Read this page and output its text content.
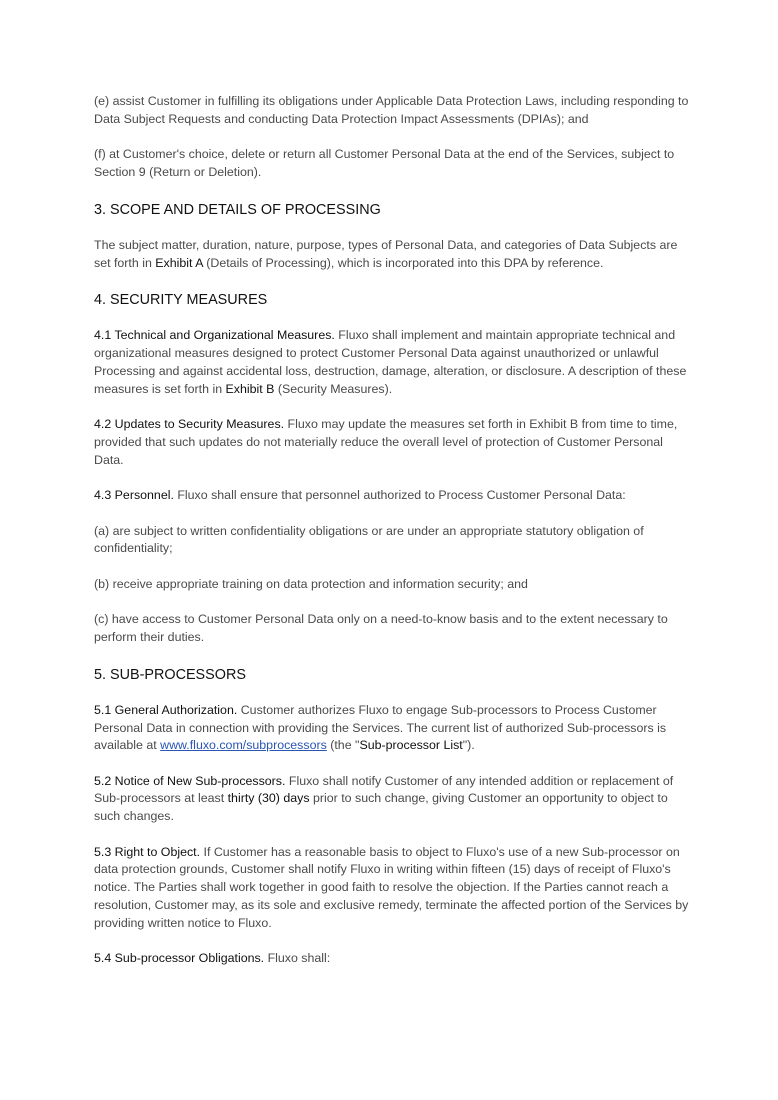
(e) assist Customer in fulfilling its obligations under Applicable Data Protection Laws, including responding to Data Subject Requests and conducting Data Protection Impact Assessments (DPIAs); and

(f) at Customer's choice, delete or return all Customer Personal Data at the end of the Services, subject to Section 9 (Return or Deletion).

3. SCOPE AND DETAILS OF PROCESSING

The subject matter, duration, nature, purpose, types of Personal Data, and categories of Data Subjects are set forth in Exhibit A (Details of Processing), which is incorporated into this DPA by reference.

4. SECURITY MEASURES

4.1 Technical and Organizational Measures. Fluxo shall implement and maintain appropriate technical and organizational measures designed to protect Customer Personal Data against unauthorized or unlawful Processing and against accidental loss, destruction, damage, alteration, or disclosure. A description of these measures is set forth in Exhibit B (Security Measures).

4.2 Updates to Security Measures. Fluxo may update the measures set forth in Exhibit B from time to time, provided that such updates do not materially reduce the overall level of protection of Customer Personal Data.

4.3 Personnel. Fluxo shall ensure that personnel authorized to Process Customer Personal Data:

(a) are subject to written confidentiality obligations or are under an appropriate statutory obligation of confidentiality;

(b) receive appropriate training on data protection and information security; and

(c) have access to Customer Personal Data only on a need-to-know basis and to the extent necessary to perform their duties.

5. SUB-PROCESSORS

5.1 General Authorization. Customer authorizes Fluxo to engage Sub-processors to Process Customer Personal Data in connection with providing the Services. The current list of authorized Sub-processors is available at www.fluxo.com/subprocessors (the "Sub-processor List").

5.2 Notice of New Sub-processors. Fluxo shall notify Customer of any intended addition or replacement of Sub-processors at least thirty (30) days prior to such change, giving Customer an opportunity to object to such changes.

5.3 Right to Object. If Customer has a reasonable basis to object to Fluxo's use of a new Sub-processor on data protection grounds, Customer shall notify Fluxo in writing within fifteen (15) days of receipt of Fluxo's notice. The Parties shall work together in good faith to resolve the objection. If the Parties cannot reach a resolution, Customer may, as its sole and exclusive remedy, terminate the affected portion of the Services by providing written notice to Fluxo.

5.4 Sub-processor Obligations. Fluxo shall:
